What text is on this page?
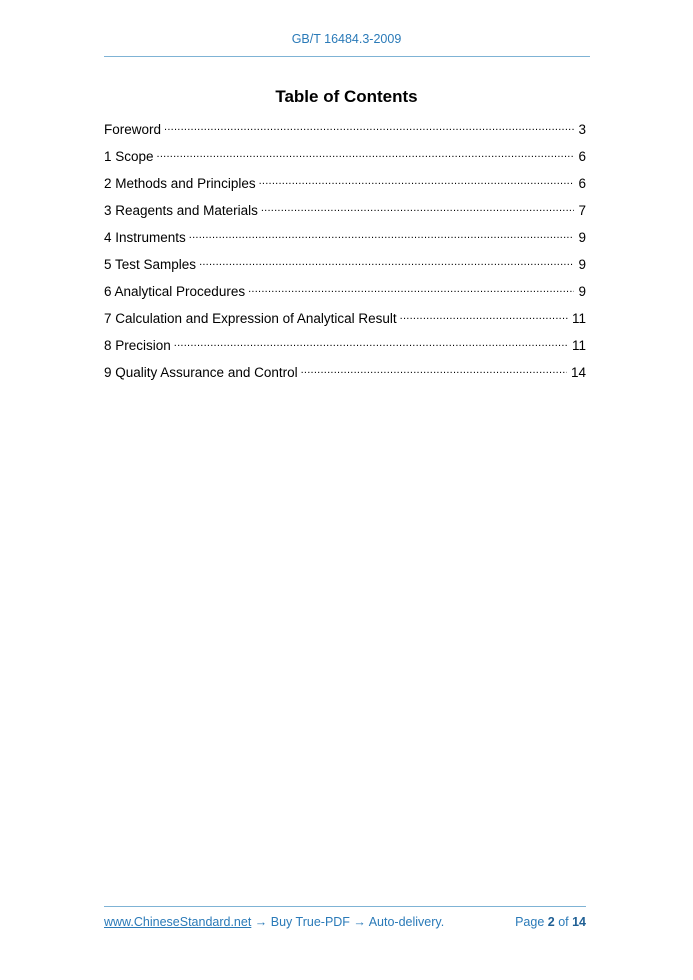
GB/T 16484.3-2009
Table of Contents
Foreword . . .	3
1 Scope . . .	6
2 Methods and Principles . . .	6
3 Reagents and Materials . . .	7
4 Instruments . . .	9
5 Test Samples . . .	9
6 Analytical Procedures . . .	9
7 Calculation and Expression of Analytical Result . . .	11
8 Precision . . .	11
9 Quality Assurance and Control . . .	14
www.ChineseStandard.net → Buy True-PDF → Auto-delivery.	Page 2 of 14
